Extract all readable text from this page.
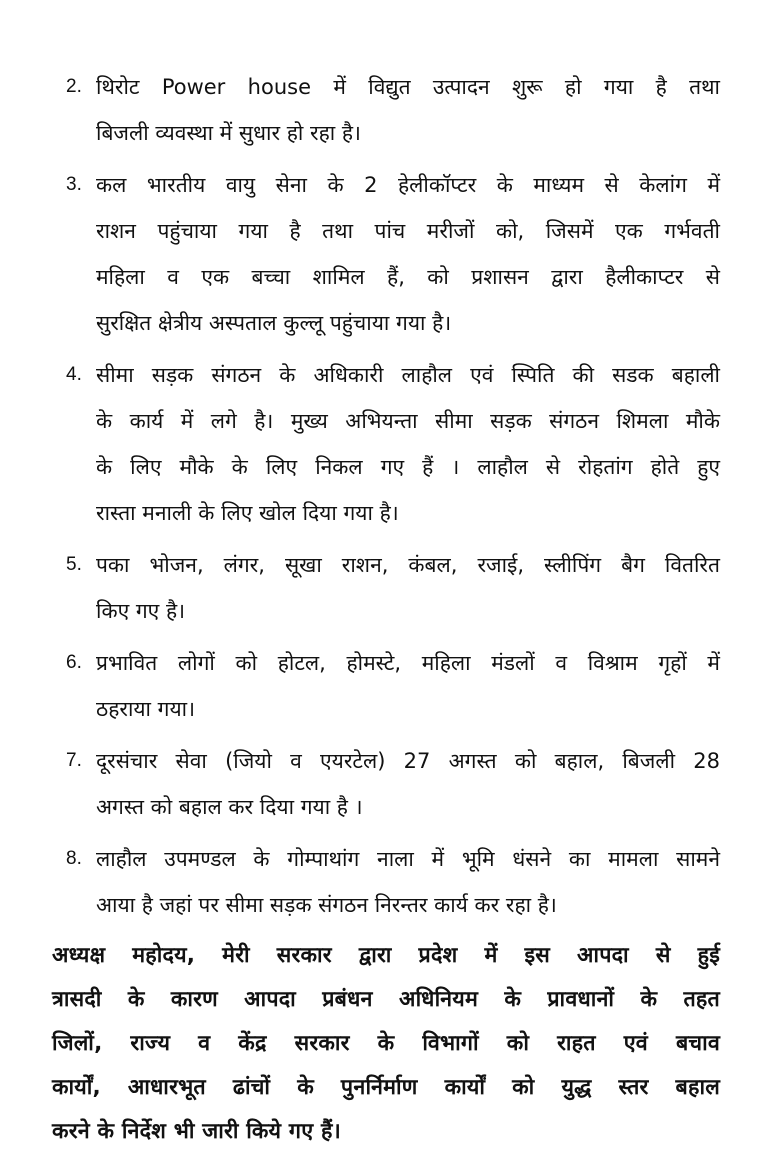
2. थिरोट Power house में विद्युत उत्पादन शुरू हो गया है तथा
बिजली व्यवस्था में सुधार हो रहा है।
3. कल भारतीय वायु सेना के 2 हेलीकॉप्टर के माध्यम से केलांग में
राशन पहुंचाया गया है तथा पांच मरीजों को, जिसमें एक गर्भवती
महिला व एक बच्चा शामिल हैं, को प्रशासन द्वारा हैलीकाप्टर से
सुरक्षित क्षेत्रीय अस्पताल कुल्लू पहुंचाया गया है।
4. सीमा सड़क संगठन के अधिकारी लाहौल एवं स्पिति की सडक बहाली
के कार्य में लगे है। मुख्य अभियन्ता सीमा सड़क संगठन शिमला मौके
के लिए मौके के लिए निकल गए हैं । लाहौल से रोहतांग होते हुए
रास्ता मनाली के लिए खोल दिया गया है।
5. पका भोजन, लंगर, सूखा राशन, कंबल, रजाई, स्लीपिंग बैग वितरित
किए गए है।
6. प्रभावित लोगों को होटल, होमस्टे, महिला मंडलों व विश्राम गृहों में
ठहराया गया।
7. दूरसंचार सेवा (जियो व एयरटेल) 27 अगस्त को बहाल, बिजली 28
अगस्त को बहाल कर दिया गया है ।
8. लाहौल उपमण्डल के गोम्पाथांग नाला में भूमि धंसने का मामला सामने
आया है जहां पर सीमा सड़क संगठन निरन्तर कार्य कर रहा है।
अध्यक्ष महोदय, मेरी सरकार द्वारा प्रदेश में इस आपदा से हुई
त्रासदी के कारण आपदा प्रबंधन अधिनियम के प्रावधानों के तहत
जिलों, राज्य व केंद्र सरकार के विभागों को राहत एवं बचाव
कार्यों, आधारभूत ढांचों के पुनर्निर्माण कार्यों को युद्ध स्तर बहाल
करने के निर्देश भी जारी किये गए हैं।
